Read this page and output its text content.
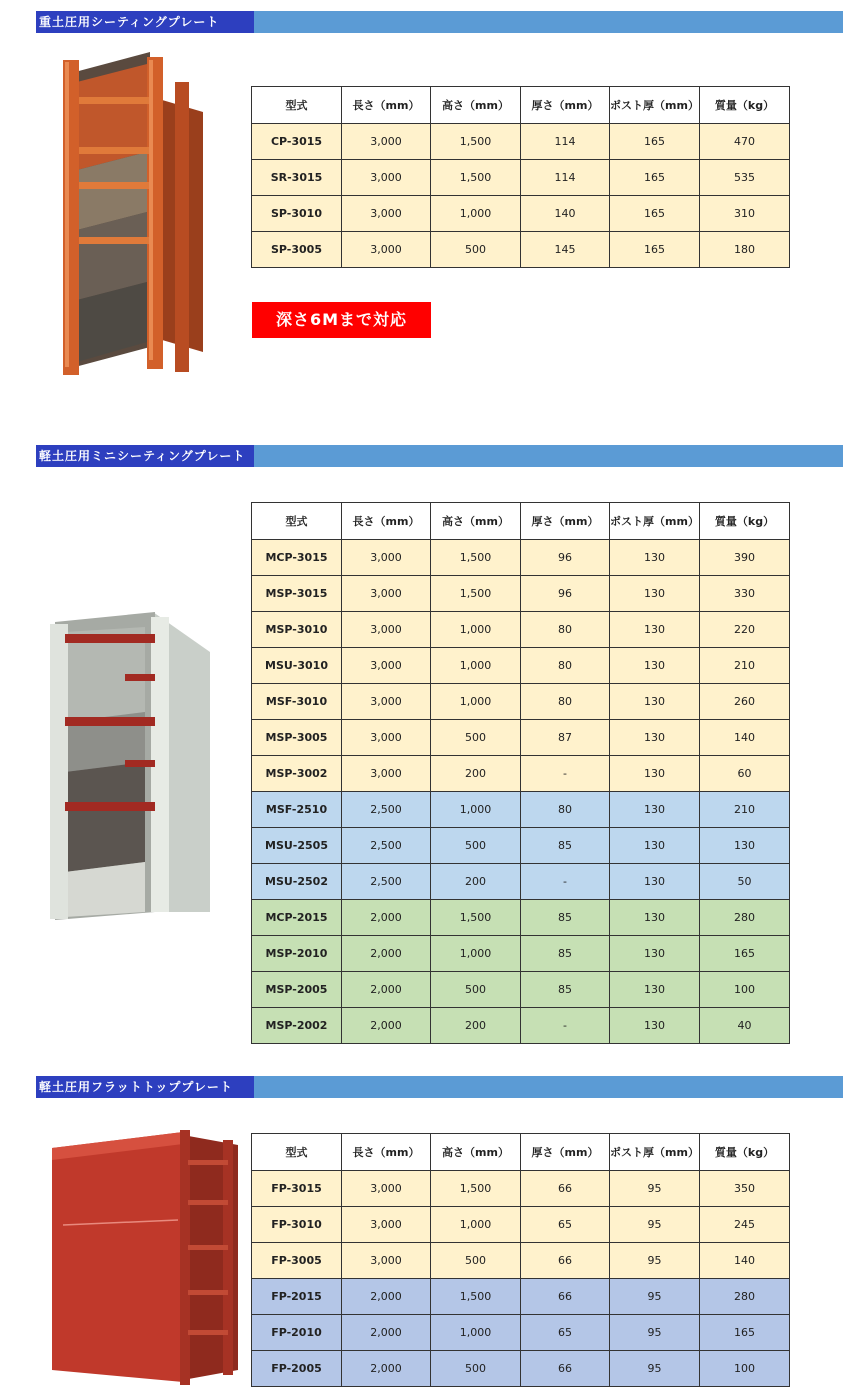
重土圧用シーティングプレート
型式	長さ（mm）	高さ（mm）	厚さ（mm）	ポスト厚（mm）	質量（kg）
CP-3015	3,000	1,500	114	165	470
SR-3015	3,000	1,500	114	165	535
SP-3010	3,000	1,000	140	165	310
SP-3005	3,000	500	145	165	180
深さ6Mまで対応
軽土圧用ミニシーティングプレート
型式	長さ（mm）	高さ（mm）	厚さ（mm）	ポスト厚（mm）	質量（kg）
MCP-3015	3,000	1,500	96	130	390
MSP-3015	3,000	1,500	96	130	330
MSP-3010	3,000	1,000	80	130	220
MSU-3010	3,000	1,000	80	130	210
MSF-3010	3,000	1,000	80	130	260
MSP-3005	3,000	500	87	130	140
MSP-3002	3,000	200	-	130	60
MSF-2510	2,500	1,000	80	130	210
MSU-2505	2,500	500	85	130	130
MSU-2502	2,500	200	-	130	50
MCP-2015	2,000	1,500	85	130	280
MSP-2010	2,000	1,000	85	130	165
MSP-2005	2,000	500	85	130	100
MSP-2002	2,000	200	-	130	40
軽土圧用フラットトッププレート
型式	長さ（mm）	高さ（mm）	厚さ（mm）	ポスト厚（mm）	質量（kg）
FP-3015	3,000	1,500	66	95	350
FP-3010	3,000	1,000	65	95	245
FP-3005	3,000	500	66	95	140
FP-2015	2,000	1,500	66	95	280
FP-2010	2,000	1,000	65	95	165
FP-2005	2,000	500	66	95	100
